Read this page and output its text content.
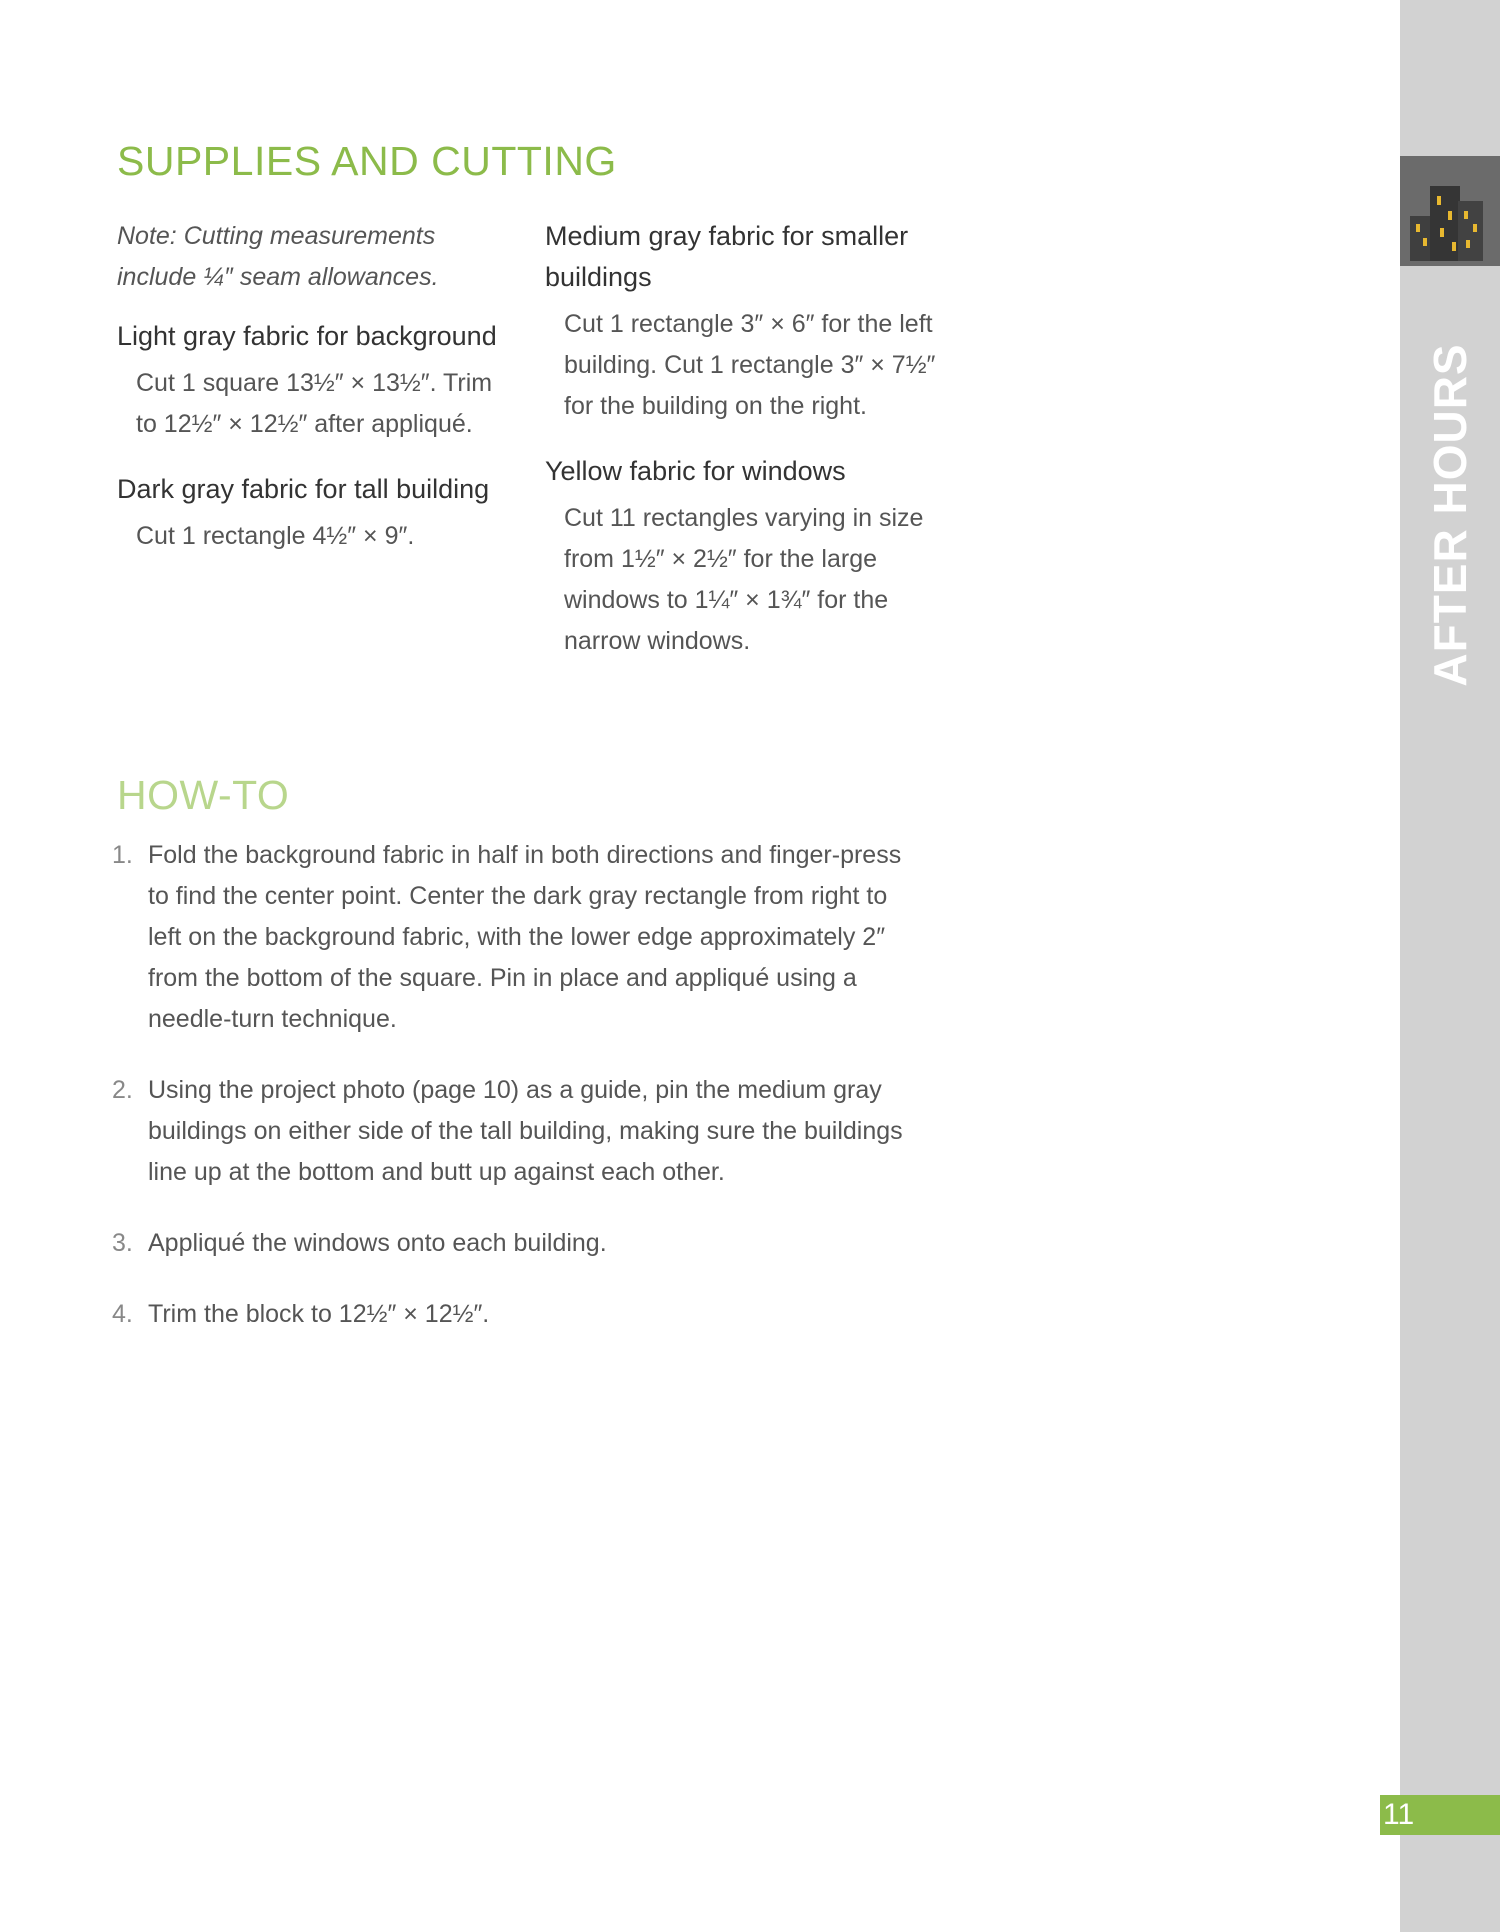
SUPPLIES AND CUTTING

Note: Cutting measurements include ¼″ seam allowances.

Light gray fabric for background
Cut 1 square 13½″ × 13½″. Trim to 12½″ × 12½″ after appliqué.
Dark gray fabric for tall building
Cut 1 rectangle 4½″ × 9″.
Medium gray fabric for smaller buildings
Cut 1 rectangle 3″ × 6″ for the left building. Cut 1 rectangle 3″ × 7½″ for the building on the right.
Yellow fabric for windows
Cut 11 rectangles varying in size from 1½″ × 2½″ for the large windows to 1¼″ × 1¾″ for the narrow windows.
HOW-TO
1. Fold the background fabric in half in both directions and finger-press to find the center point. Center the dark gray rectangle from right to left on the background fabric, with the lower edge approximately 2″ from the bottom of the square. Pin in place and appliqué using a needle-turn technique.
2. Using the project photo (page 10) as a guide, pin the medium gray buildings on either side of the tall building, making sure the buildings line up at the bottom and butt up against each other.
3. Appliqué the windows onto each building.
4. Trim the block to 12½″ × 12½″.
AFTER HOURS
11
